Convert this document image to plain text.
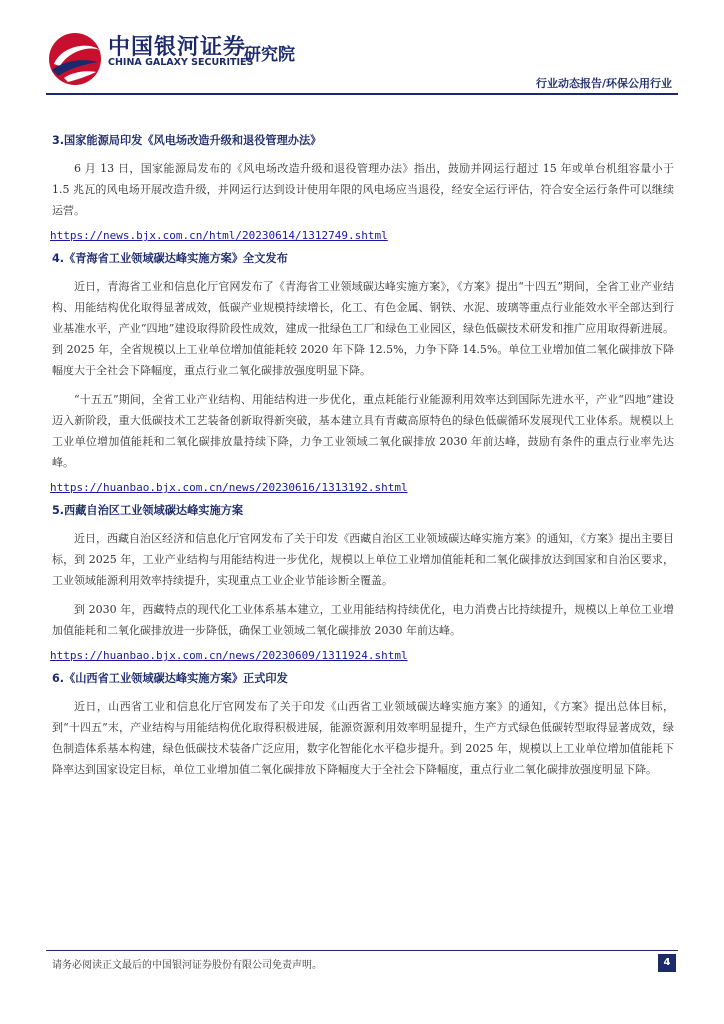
中国银河证券
CHINA GALAXY SECURITIES
研究院
行业动态报告/环保公用行业
3.国家能源局印发《风电场改造升级和退役管理办法》

6 月 13 日，国家能源局发布的《风电场改造升级和退役管理办法》指出，鼓励并网运行超过 15 年或单台机组容量小于 1.5 兆瓦的风电场开展改造升级，并网运行达到设计使用年限的风电场应当退役，经安全运行评估，符合安全运行条件可以继续运营。

https://news.bjx.com.cn/html/20230614/1312749.shtml
4.《青海省工业领域碳达峰实施方案》全文发布

近日，青海省工业和信息化厅官网发布了《青海省工业领域碳达峰实施方案》，《方案》提出“十四五”期间，全省工业产业结构、用能结构优化取得显著成效，低碳产业规模持续增长，化工、有色金属、钢铁、水泥、玻璃等重点行业能效水平全部达到行业基准水平，产业“四地”建设取得阶段性成效，建成一批绿色工厂和绿色工业园区，绿色低碳技术研发和推广应用取得新进展。到 2025 年，全省规模以上工业单位增加值能耗较 2020 年下降 12.5%，力争下降 14.5%。单位工业增加值二氧化碳排放下降幅度大于全社会下降幅度，重点行业二氧化碳排放强度明显下降。

“十五五”期间，全省工业产业结构、用能结构进一步优化，重点耗能行业能源利用效率达到国际先进水平，产业“四地”建设迈入新阶段，重大低碳技术工艺装备创新取得新突破，基本建立具有青藏高原特色的绿色低碳循环发展现代工业体系。规模以上工业单位增加值能耗和二氧化碳排放量持续下降，力争工业领域二氧化碳排放 2030 年前达峰，鼓励有条件的重点行业率先达峰。

https://huanbao.bjx.com.cn/news/20230616/1313192.shtml
5.西藏自治区工业领域碳达峰实施方案

近日，西藏自治区经济和信息化厅官网发布了关于印发《西藏自治区工业领域碳达峰实施方案》的通知，《方案》提出主要目标，到 2025 年，工业产业结构与用能结构进一步优化，规模以上单位工业增加值能耗和二氧化碳排放达到国家和自治区要求，工业领域能源利用效率持续提升，实现重点工业企业节能诊断全覆盖。

到 2030 年，西藏特点的现代化工业体系基本建立，工业用能结构持续优化，电力消费占比持续提升，规模以上单位工业增加值能耗和二氧化碳排放进一步降低，确保工业领域二氧化碳排放 2030 年前达峰。

https://huanbao.bjx.com.cn/news/20230609/1311924.shtml
6.《山西省工业领域碳达峰实施方案》正式印发

近日，山西省工业和信息化厅官网发布了关于印发《山西省工业领域碳达峰实施方案》的通知，《方案》提出总体目标，到“十四五”末，产业结构与用能结构优化取得积极进展，能源资源利用效率明显提升，生产方式绿色低碳转型取得显著成效，绿色制造体系基本构建，绿色低碳技术装备广泛应用，数字化智能化水平稳步提升。到 2025 年，规模以上工业单位增加值能耗下降率达到国家设定目标，单位工业增加值二氧化碳排放下降幅度大于全社会下降幅度，重点行业二氧化碳排放强度明显下降。

请务必阅读正文最后的中国银河证券股份有限公司免责声明。	4
